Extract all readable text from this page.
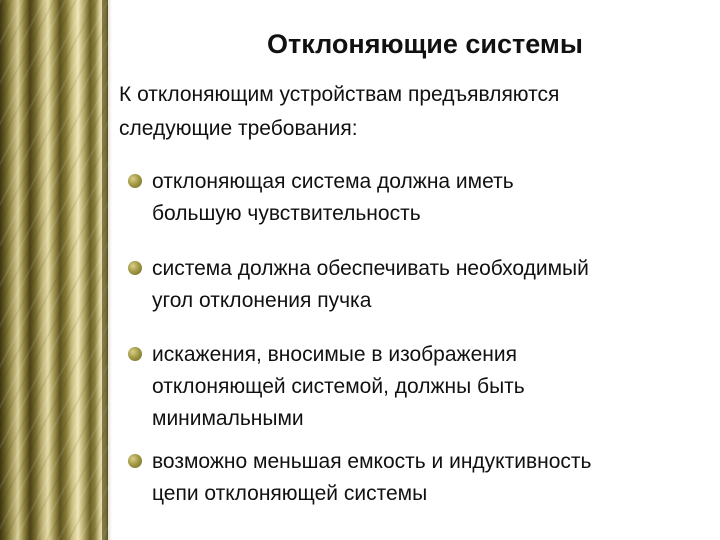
Отклоняющие системы
К отклоняющим устройствам предъявляются
следующие требования:
отклоняющая система должна иметь
большую чувствительность
система должна обеспечивать необходимый
угол отклонения пучка
искажения, вносимые в изображения
отклоняющей системой, должны быть
минимальными
возможно меньшая емкость и индуктивность
цепи отклоняющей системы
